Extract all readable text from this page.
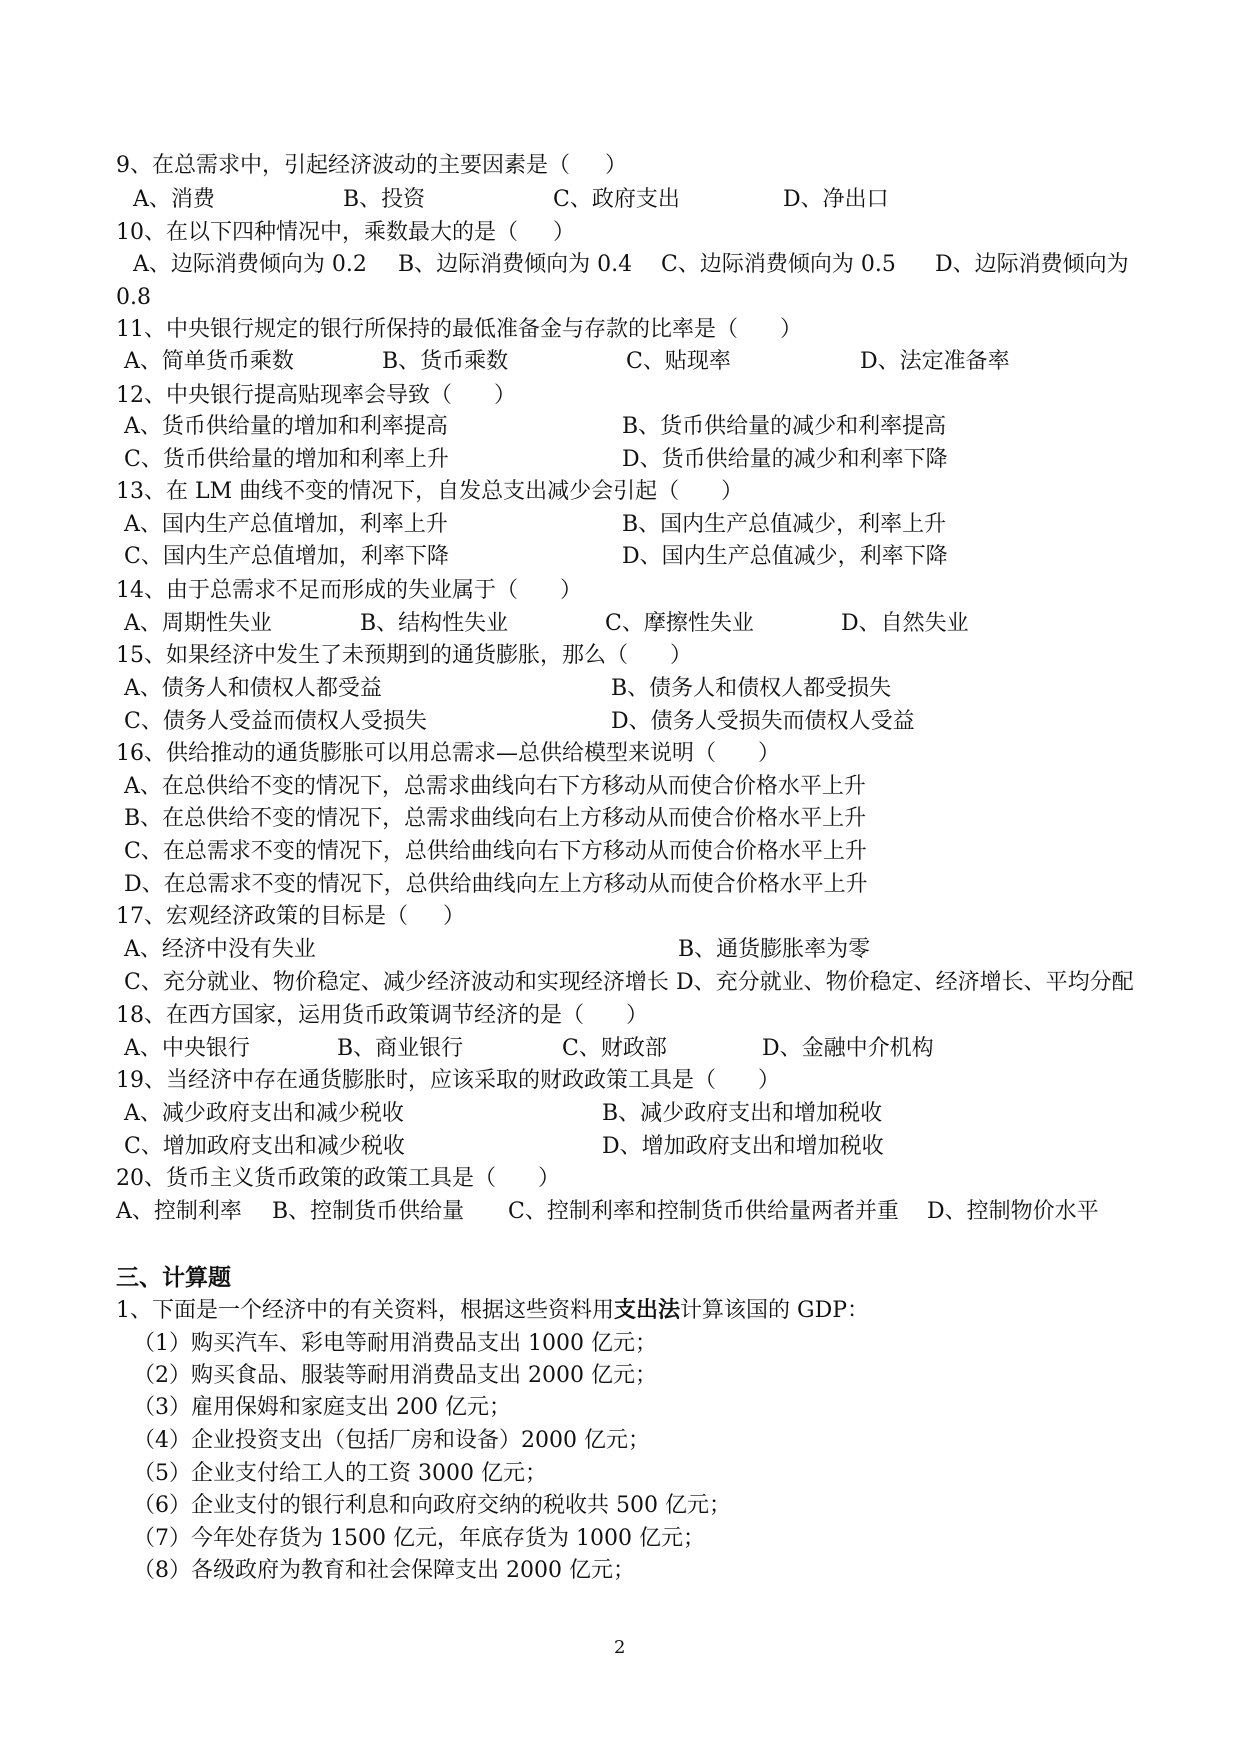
9、在总需求中，引起经济波动的主要因素是（     ）
A、消费	B、投资	C、政府支出	D、净出口
10、在以下四种情况中，乘数最大的是（     ）
A、边际消费倾向为 0.2 B、边际消费倾向为 0.4 C、边际消费倾向为 0.5 D、边际消费倾向为
0.8
11、中央银行规定的银行所保持的最低准备金与存款的比率是（      ）
A、简单货币乘数	B、货币乘数	C、贴现率	D、法定准备率
12、中央银行提高贴现率会导致（      ）
A、货币供给量的增加和利率提高	B、货币供给量的减少和利率提高
C、货币供给量的增加和利率上升	D、货币供给量的减少和利率下降
13、在 LM 曲线不变的情况下，自发总支出减少会引起（      ）
A、国内生产总值增加，利率上升	B、国内生产总值减少，利率上升
C、国内生产总值增加，利率下降	D、国内生产总值减少，利率下降
14、由于总需求不足而形成的失业属于（      ）
A、周期性失业	B、结构性失业	C、摩擦性失业	D、自然失业
15、如果经济中发生了未预期到的通货膨胀，那么（      ）
A、债务人和债权人都受益	B、债务人和债权人都受损失
C、债务人受益而债权人受损失	D、债务人受损失而债权人受益
16、供给推动的通货膨胀可以用总需求—总供给模型来说明（      ）
A、在总供给不变的情况下，总需求曲线向右下方移动从而使合价格水平上升
B、在总供给不变的情况下，总需求曲线向右上方移动从而使合价格水平上升
C、在总需求不变的情况下，总供给曲线向右下方移动从而使合价格水平上升
D、在总需求不变的情况下，总供给曲线向左上方移动从而使合价格水平上升
17、宏观经济政策的目标是（     ）
A、经济中没有失业	B、通货膨胀率为零
C、充分就业、物价稳定、减少经济波动和实现经济增长 D、充分就业、物价稳定、经济增长、平均分配
18、在西方国家，运用货币政策调节经济的是（      ）
A、中央银行	B、商业银行	C、财政部	D、金融中介机构
19、当经济中存在通货膨胀时，应该采取的财政政策工具是（      ）
A、减少政府支出和减少税收	B、减少政府支出和增加税收
C、增加政府支出和减少税收	D、增加政府支出和增加税收
20、货币主义货币政策的政策工具是（      ）
A、控制利率 B、控制货币供给量 C、控制利率和控制货币供给量两者并重 D、控制物价水平
三、计算题
1、下面是一个经济中的有关资料，根据这些资料用支出法计算该国的 GDP：
（1）购买汽车、彩电等耐用消费品支出 1000 亿元；
（2）购买食品、服装等耐用消费品支出 2000 亿元；
（3）雇用保姆和家庭支出 200 亿元；
（4）企业投资支出（包括厂房和设备）2000 亿元；
（5）企业支付给工人的工资 3000 亿元；
（6）企业支付的银行利息和向政府交纳的税收共 500 亿元；
（7）今年处存货为 1500 亿元，年底存货为 1000 亿元；
（8）各级政府为教育和社会保障支出 2000 亿元；
2
